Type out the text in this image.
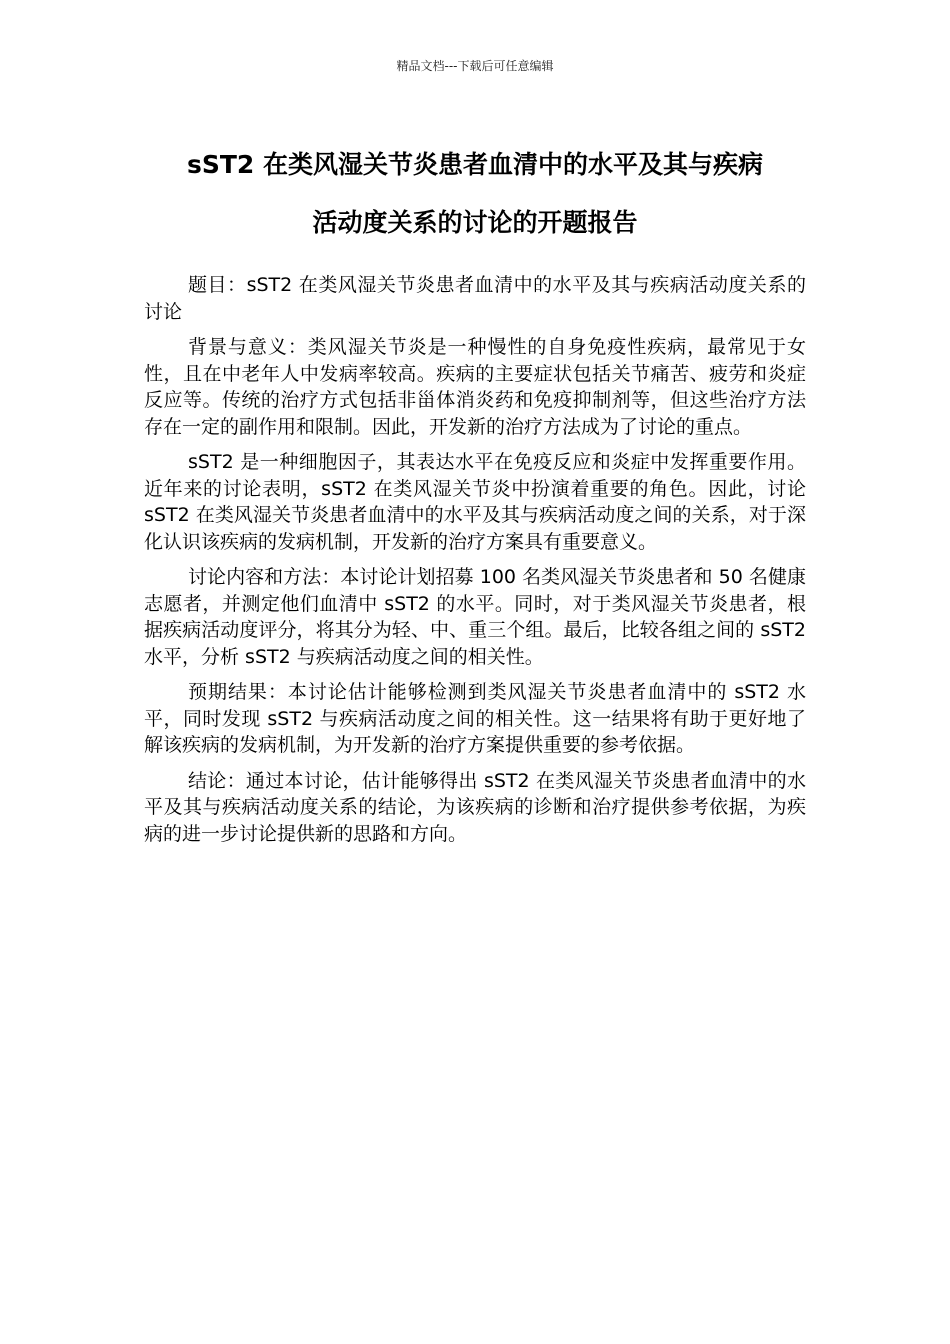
精品文档---下载后可任意编辑
sST2 在类风湿关节炎患者血清中的水平及其与疾病
活动度关系的讨论的开题报告

题目：sST2 在类风湿关节炎患者血清中的水平及其与疾病活动度关系的讨论

背景与意义：类风湿关节炎是一种慢性的自身免疫性疾病，最常见于女性，且在中老年人中发病率较高。疾病的主要症状包括关节痛苦、疲劳和炎症反应等。传统的治疗方式包括非甾体消炎药和免疫抑制剂等，但这些治疗方法存在一定的副作用和限制。因此，开发新的治疗方法成为了讨论的重点。

sST2 是一种细胞因子，其表达水平在免疫反应和炎症中发挥重要作用。近年来的讨论表明，sST2 在类风湿关节炎中扮演着重要的角色。因此，讨论 sST2 在类风湿关节炎患者血清中的水平及其与疾病活动度之间的关系，对于深化认识该疾病的发病机制，开发新的治疗方案具有重要意义。

讨论内容和方法：本讨论计划招募 100 名类风湿关节炎患者和 50 名健康志愿者，并测定他们血清中 sST2 的水平。同时，对于类风湿关节炎患者，根据疾病活动度评分，将其分为轻、中、重三个组。最后，比较各组之间的 sST2 水平，分析 sST2 与疾病活动度之间的相关性。

预期结果：本讨论估计能够检测到类风湿关节炎患者血清中的 sST2 水平，同时发现 sST2 与疾病活动度之间的相关性。这一结果将有助于更好地了解该疾病的发病机制，为开发新的治疗方案提供重要的参考依据。

结论：通过本讨论，估计能够得出 sST2 在类风湿关节炎患者血清中的水平及其与疾病活动度关系的结论，为该疾病的诊断和治疗提供参考依据，为疾病的进一步讨论提供新的思路和方向。
